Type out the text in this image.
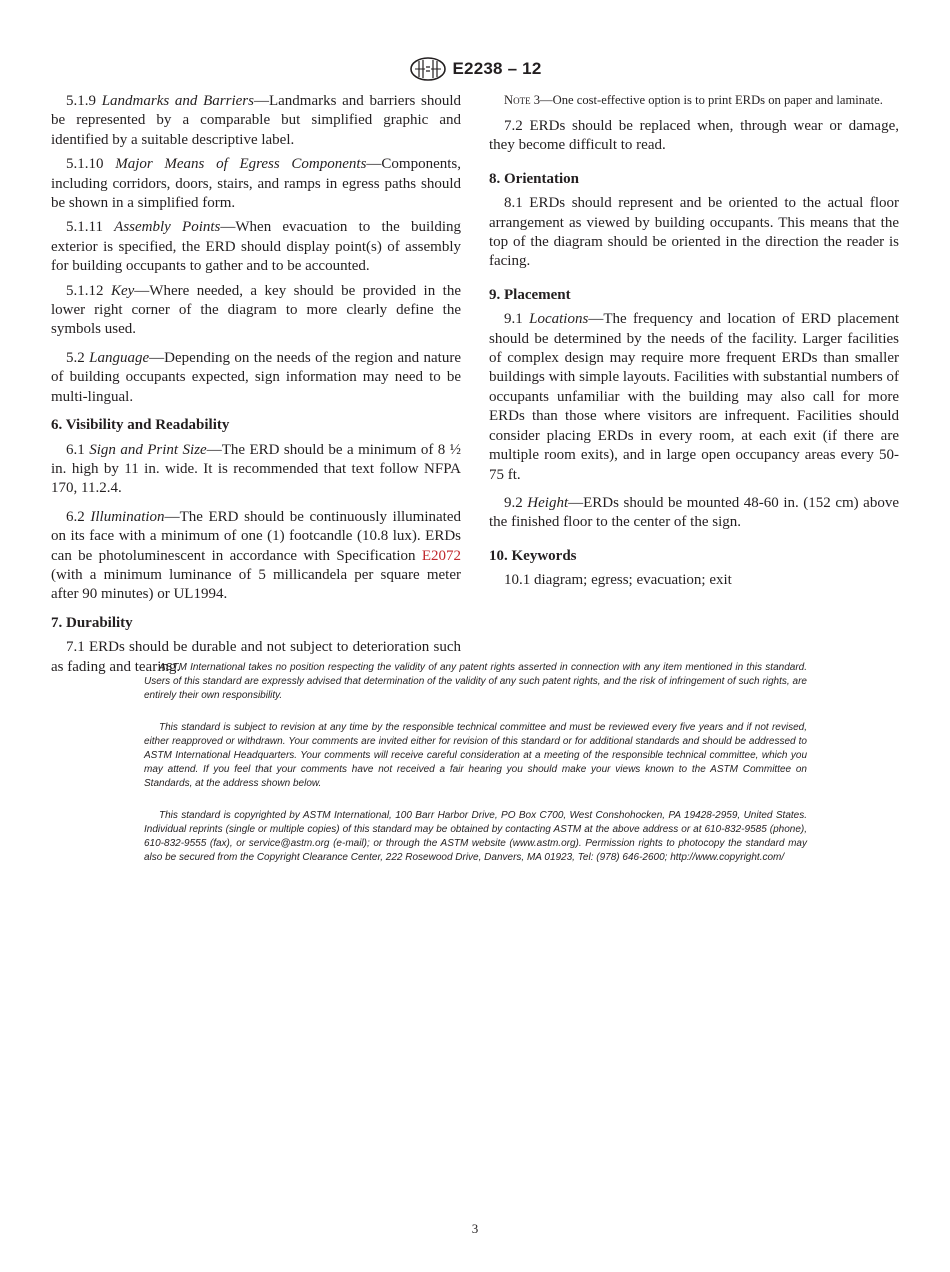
E2238 – 12

5.1.9 Landmarks and Barriers—Landmarks and barriers should be represented by a comparable but simplified graphic and identified by a suitable descriptive label.

5.1.10 Major Means of Egress Components—Components, including corridors, doors, stairs, and ramps in egress paths should be shown in a simplified form.

5.1.11 Assembly Points—When evacuation to the building exterior is specified, the ERD should display point(s) of assembly for building occupants to gather and to be accounted.

5.1.12 Key—Where needed, a key should be provided in the lower right corner of the diagram to more clearly define the symbols used.

5.2 Language—Depending on the needs of the region and nature of building occupants expected, sign information may need to be multi-lingual.

6. Visibility and Readability

6.1 Sign and Print Size—The ERD should be a minimum of 8 ½ in. high by 11 in. wide. It is recommended that text follow NFPA 170, 11.2.4.

6.2 Illumination—The ERD should be continuously illuminated on its face with a minimum of one (1) footcandle (10.8 lux). ERDs can be photoluminescent in accordance with Specification E2072 (with a minimum luminance of 5 millicandela per square meter after 90 minutes) or UL1994.

7. Durability

7.1 ERDs should be durable and not subject to deterioration such as fading and tearing.

Note 3—One cost-effective option is to print ERDs on paper and laminate.

7.2 ERDs should be replaced when, through wear or damage, they become difficult to read.

8. Orientation

8.1 ERDs should represent and be oriented to the actual floor arrangement as viewed by building occupants. This means that the top of the diagram should be oriented in the direction the reader is facing.

9. Placement

9.1 Locations—The frequency and location of ERD placement should be determined by the needs of the facility. Larger facilities of complex design may require more frequent ERDs than smaller buildings with simple layouts. Facilities with substantial numbers of occupants unfamiliar with the building may also call for more ERDs than those where visitors are infrequent. Facilities should consider placing ERDs in every room, at each exit (if there are multiple room exits), and in large open occupancy areas every 50-75 ft.

9.2 Height—ERDs should be mounted 48-60 in. (152 cm) above the finished floor to the center of the sign.

10. Keywords

10.1 diagram; egress; evacuation; exit

ASTM International takes no position respecting the validity of any patent rights asserted in connection with any item mentioned in this standard. Users of this standard are expressly advised that determination of the validity of any such patent rights, and the risk of infringement of such rights, are entirely their own responsibility.

This standard is subject to revision at any time by the responsible technical committee and must be reviewed every five years and if not revised, either reapproved or withdrawn. Your comments are invited either for revision of this standard or for additional standards and should be addressed to ASTM International Headquarters. Your comments will receive careful consideration at a meeting of the responsible technical committee, which you may attend. If you feel that your comments have not received a fair hearing you should make your views known to the ASTM Committee on Standards, at the address shown below.

This standard is copyrighted by ASTM International, 100 Barr Harbor Drive, PO Box C700, West Conshohocken, PA 19428-2959, United States. Individual reprints (single or multiple copies) of this standard may be obtained by contacting ASTM at the above address or at 610-832-9585 (phone), 610-832-9555 (fax), or service@astm.org (e-mail); or through the ASTM website (www.astm.org). Permission rights to photocopy the standard may also be secured from the Copyright Clearance Center, 222 Rosewood Drive, Danvers, MA 01923, Tel: (978) 646-2600; http://www.copyright.com/

3
